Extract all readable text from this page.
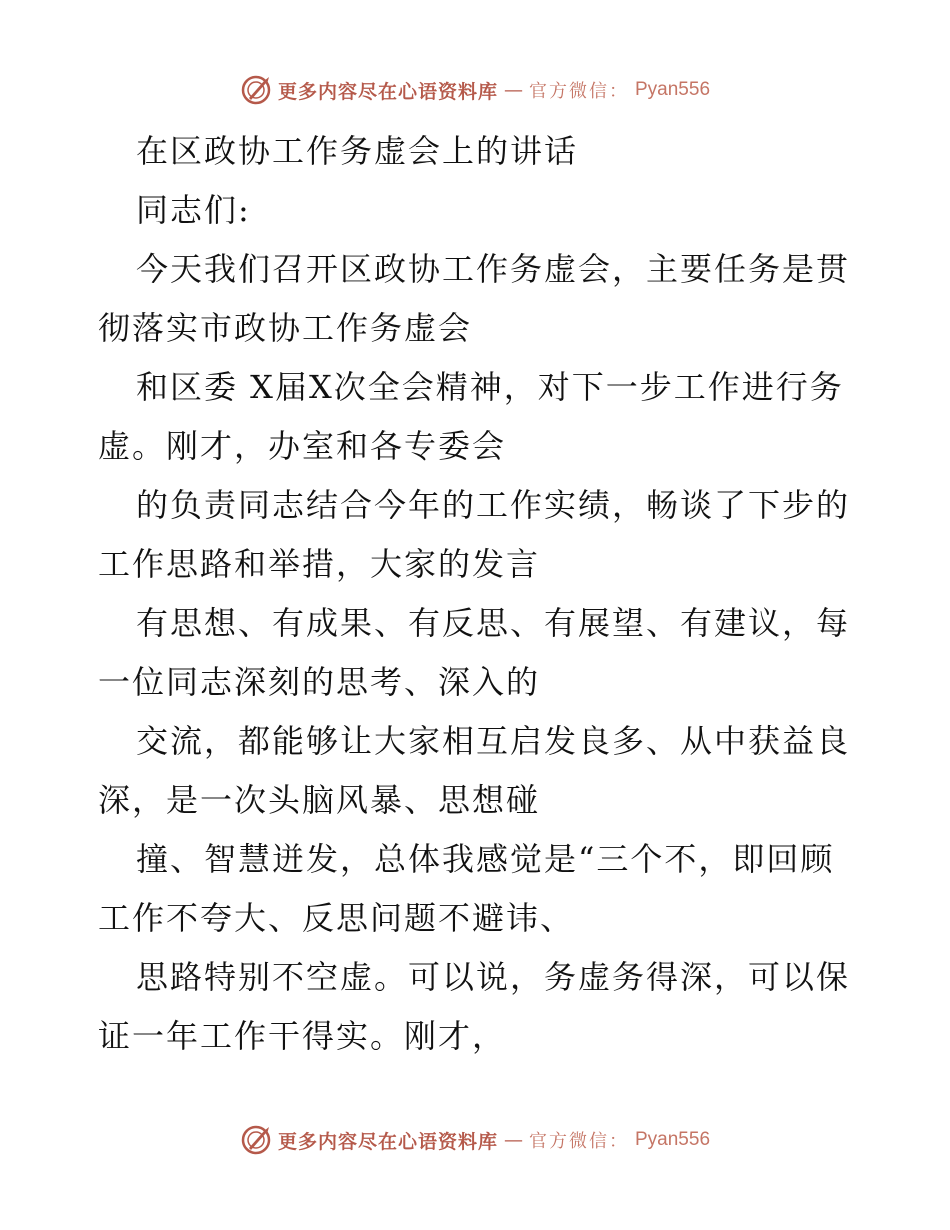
更多内容尽在心语资料库 — 官方微信： Pyan556
在区政协工作务虚会上的讲话
同志们:
今天我们召开区政协工作务虚会，主要任务是贯
彻落实市政协工作务虚会
和区委 X届X次全会精神，对下一步工作进行务
虚。刚才，办室和各专委会
的负责同志结合今年的工作实绩，畅谈了下步的
工作思路和举措，大家的发言
有思想、有成果、有反思、有展望、有建议，每
一位同志深刻的思考、深入的
交流，都能够让大家相互启发良多、从中获益良
深，是一次头脑风暴、思想碰
撞、智慧迸发，总体我感觉是“三个不，即回顾
工作不夸大、反思问题不避讳、
思路特别不空虚。可以说，务虚务得深，可以保
证一年工作干得实。刚才，
更多内容尽在心语资料库 — 官方微信： Pyan556
